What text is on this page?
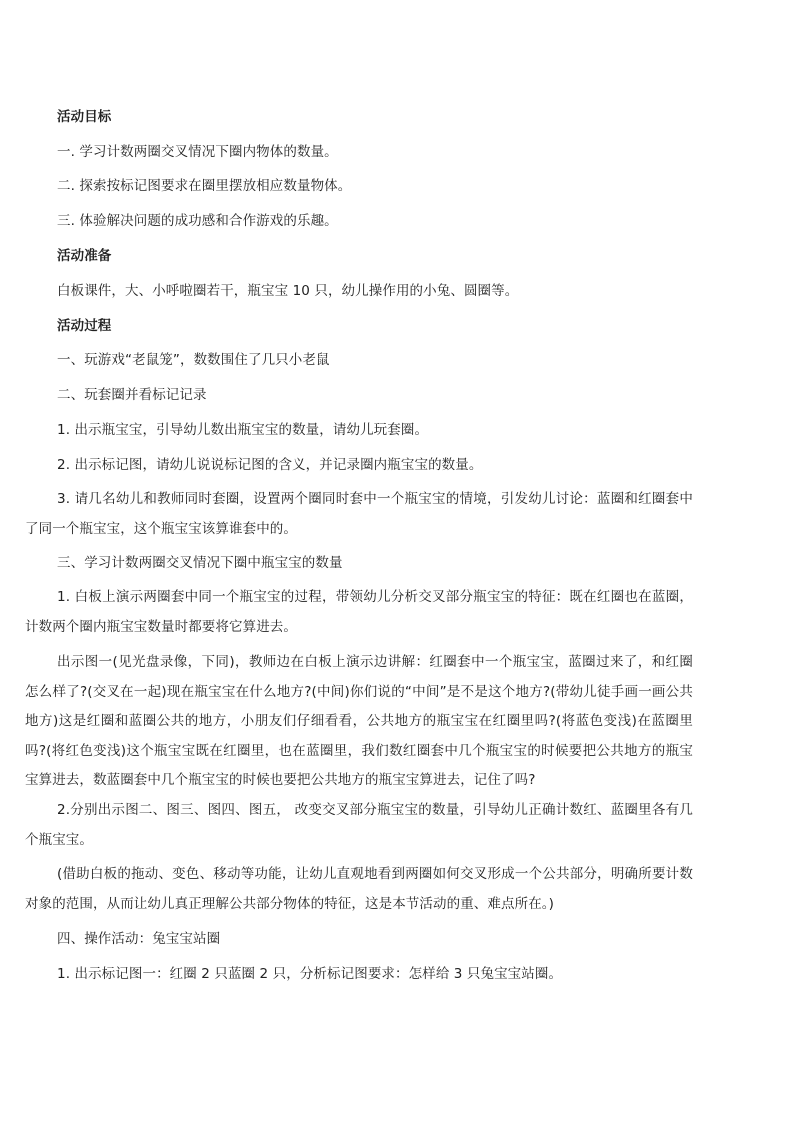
活动目标

一. 学习计数两圈交叉情况下圈内物体的数量。

二. 探索按标记图要求在圈里摆放相应数量物体。

三. 体验解决问题的成功感和合作游戏的乐趣。

活动准备

白板课件，大、小呼啦圈若干，瓶宝宝 10 只，幼儿操作用的小兔、圆圈等。

活动过程

一、玩游戏“老鼠笼”，数数围住了几只小老鼠

二、玩套圈并看标记记录

1. 出示瓶宝宝，引导幼儿数出瓶宝宝的数量，请幼儿玩套圈。

2. 出示标记图，请幼儿说说标记图的含义，并记录圈内瓶宝宝的数量。

3. 请几名幼儿和教师同时套圈，设置两个圈同时套中一个瓶宝宝的情境，引发幼儿讨论：蓝圈和红圈套中了同一个瓶宝宝，这个瓶宝宝该算谁套中的。

三、学习计数两圈交叉情况下圈中瓶宝宝的数量

1. 白板上演示两圈套中同一个瓶宝宝的过程，带领幼儿分析交叉部分瓶宝宝的特征：既在红圈也在蓝圈，计数两个圈内瓶宝宝数量时都要将它算进去。

出示图一(见光盘录像，下同)，教师边在白板上演示边讲解：红圈套中一个瓶宝宝，蓝圈过来了，和红圈怎么样了?(交叉在一起)现在瓶宝宝在什么地方?(中间)你们说的“中间”是不是这个地方?(带幼儿徒手画一画公共地方)这是红圈和蓝圈公共的地方，小朋友们仔细看看，公共地方的瓶宝宝在红圈里吗?(将蓝色变浅)在蓝圈里吗?(将红色变浅)这个瓶宝宝既在红圈里，也在蓝圈里，我们数红圈套中几个瓶宝宝的时候要把公共地方的瓶宝宝算进去，数蓝圈套中几个瓶宝宝的时候也要把公共地方的瓶宝宝算进去，记住了吗?

2.分别出示图二、图三、图四、图五， 改变交叉部分瓶宝宝的数量，引导幼儿正确计数红、蓝圈里各有几个瓶宝宝。

(借助白板的拖动、变色、移动等功能，让幼儿直观地看到两圈如何交叉形成一个公共部分，明确所要计数对象的范围，从而让幼儿真正理解公共部分物体的特征，这是本节活动的重、难点所在。)

四、操作活动：兔宝宝站圈

1. 出示标记图一：红圈 2 只蓝圈 2 只，分析标记图要求：怎样给 3 只兔宝宝站圈。
